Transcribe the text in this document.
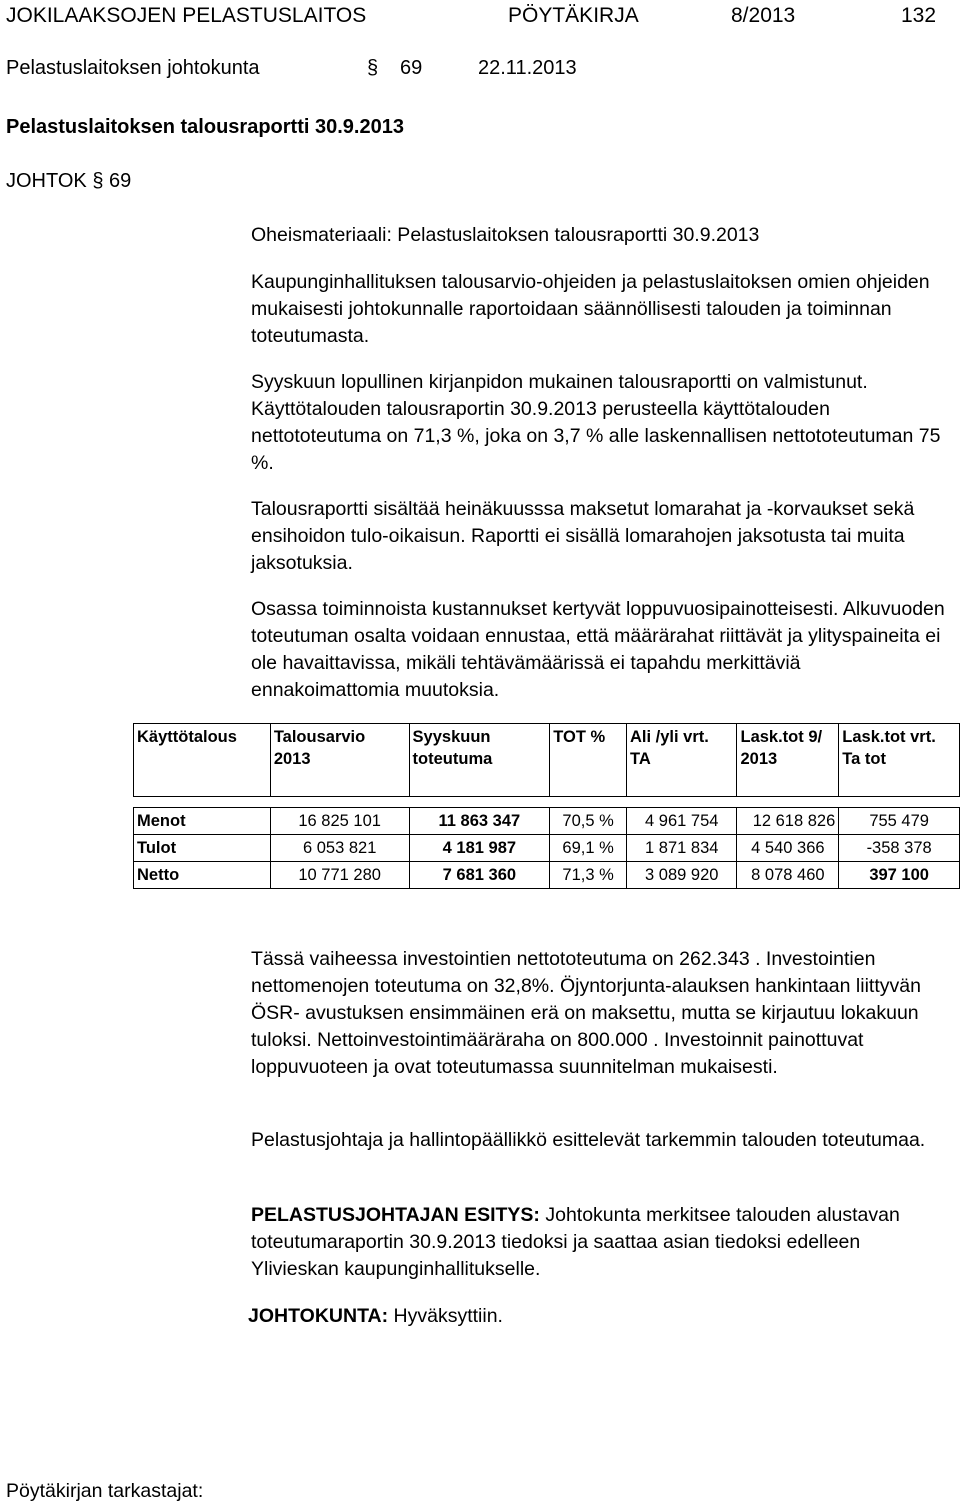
JOKILAAKSOJEN PELASTUSLAITOS	PÖYTÄKIRJA	8/2013	132
Pelastuslaitoksen johtokunta	§ 69	22.11.2013
Pelastuslaitoksen talousraportti 30.9.2013
JOHTOK § 69

Oheismateriaali: Pelastuslaitoksen talousraportti 30.9.2013

Kaupunginhallituksen talousarvio-ohjeiden ja pelastuslaitoksen omien ohjeiden mukaisesti johtokunnalle raportoidaan säännöllisesti talouden ja toiminnan toteutumasta.

Syyskuun lopullinen kirjanpidon mukainen talousraportti on valmistunut. Käyttötalouden talousraportin 30.9.2013 perusteella käyttötalouden nettototeutuma on 71,3 %, joka on 3,7 % alle laskennallisen nettototeutuman 75 %.

Talousraportti sisältää heinäkuusssa maksetut lomarahat ja -korvaukset sekä ensihoidon tulo-oikaisun. Raportti ei sisällä lomarahojen jaksotusta tai muita jaksotuksia.

Osassa toiminnoista kustannukset kertyvät loppuvuosipainotteisesti. Alkuvuoden toteutuman osalta voidaan ennustaa, että määrärahat riittävät ja ylityspaineita ei ole havaittavissa, mikäli tehtävämäärissä ei tapahdu merkittäviä ennakoimattomia muutoksia.

Käyttötalous	Talousarvio 2013	Syyskuun toteutuma	TOT %	Ali /yli vrt. TA	Lask.tot 9/ 2013	Lask.tot vrt. Ta tot

Menot	16 825 101	11 863 347	70,5 %	4 961 754	12 618 826	755 479
Tulot	6 053 821	4 181 987	69,1 %	1 871 834	4 540 366	-358 378
Netto	10 771 280	7 681 360	71,3 %	3 089 920	8 078 460	397 100

Tässä vaiheessa investointien nettototeutuma on 262.343 . Investointien nettomenojen toteutuma on 32,8%. Öjyntorjunta-alauksen hankintaan liittyvän ÖSR- avustuksen ensimmäinen erä on maksettu, mutta se kirjautuu lokakuun tuloksi. Nettoinvestointimääräraha on 800.000 . Investoinnit painottuvat loppuvuoteen ja ovat toteutumassa suunnitelman mukaisesti.

Pelastusjohtaja ja hallintopäällikkö esittelevät tarkemmin talouden toteutumaa.

PELASTUSJOHTAJAN ESITYS: Johtokunta merkitsee talouden alustavan toteutumaraportin 30.9.2013 tiedoksi ja saattaa asian tiedoksi edelleen Ylivieskan kaupunginhallitukselle.

JOHTOKUNTA: Hyväksyttiin.

Pöytäkirjan tarkastajat:
